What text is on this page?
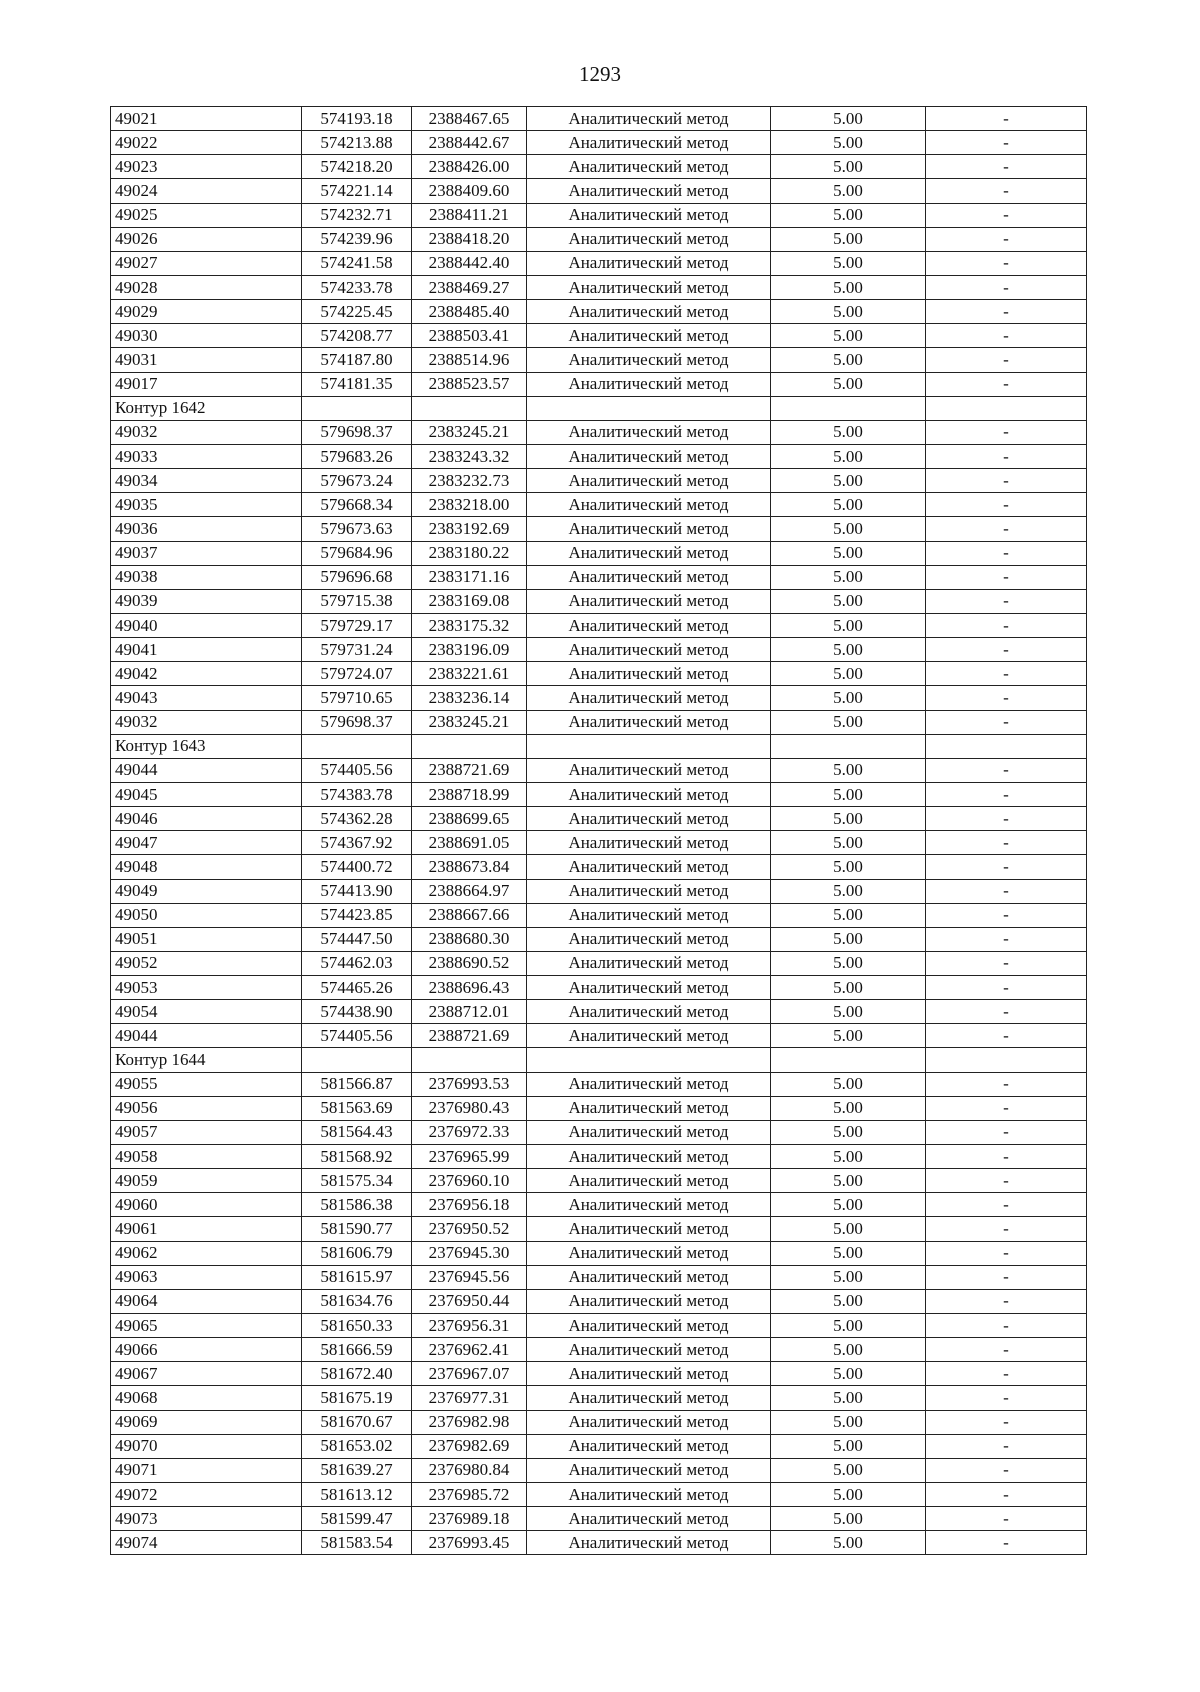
1293
49021	574193.18	2388467.65	Аналитический метод	5.00	-
49022	574213.88	2388442.67	Аналитический метод	5.00	-
49023	574218.20	2388426.00	Аналитический метод	5.00	-
49024	574221.14	2388409.60	Аналитический метод	5.00	-
49025	574232.71	2388411.21	Аналитический метод	5.00	-
49026	574239.96	2388418.20	Аналитический метод	5.00	-
49027	574241.58	2388442.40	Аналитический метод	5.00	-
49028	574233.78	2388469.27	Аналитический метод	5.00	-
49029	574225.45	2388485.40	Аналитический метод	5.00	-
49030	574208.77	2388503.41	Аналитический метод	5.00	-
49031	574187.80	2388514.96	Аналитический метод	5.00	-
49017	574181.35	2388523.57	Аналитический метод	5.00	-
Контур 1642					
49032	579698.37	2383245.21	Аналитический метод	5.00	-
49033	579683.26	2383243.32	Аналитический метод	5.00	-
49034	579673.24	2383232.73	Аналитический метод	5.00	-
49035	579668.34	2383218.00	Аналитический метод	5.00	-
49036	579673.63	2383192.69	Аналитический метод	5.00	-
49037	579684.96	2383180.22	Аналитический метод	5.00	-
49038	579696.68	2383171.16	Аналитический метод	5.00	-
49039	579715.38	2383169.08	Аналитический метод	5.00	-
49040	579729.17	2383175.32	Аналитический метод	5.00	-
49041	579731.24	2383196.09	Аналитический метод	5.00	-
49042	579724.07	2383221.61	Аналитический метод	5.00	-
49043	579710.65	2383236.14	Аналитический метод	5.00	-
49032	579698.37	2383245.21	Аналитический метод	5.00	-
Контур 1643					
49044	574405.56	2388721.69	Аналитический метод	5.00	-
49045	574383.78	2388718.99	Аналитический метод	5.00	-
49046	574362.28	2388699.65	Аналитический метод	5.00	-
49047	574367.92	2388691.05	Аналитический метод	5.00	-
49048	574400.72	2388673.84	Аналитический метод	5.00	-
49049	574413.90	2388664.97	Аналитический метод	5.00	-
49050	574423.85	2388667.66	Аналитический метод	5.00	-
49051	574447.50	2388680.30	Аналитический метод	5.00	-
49052	574462.03	2388690.52	Аналитический метод	5.00	-
49053	574465.26	2388696.43	Аналитический метод	5.00	-
49054	574438.90	2388712.01	Аналитический метод	5.00	-
49044	574405.56	2388721.69	Аналитический метод	5.00	-
Контур 1644					
49055	581566.87	2376993.53	Аналитический метод	5.00	-
49056	581563.69	2376980.43	Аналитический метод	5.00	-
49057	581564.43	2376972.33	Аналитический метод	5.00	-
49058	581568.92	2376965.99	Аналитический метод	5.00	-
49059	581575.34	2376960.10	Аналитический метод	5.00	-
49060	581586.38	2376956.18	Аналитический метод	5.00	-
49061	581590.77	2376950.52	Аналитический метод	5.00	-
49062	581606.79	2376945.30	Аналитический метод	5.00	-
49063	581615.97	2376945.56	Аналитический метод	5.00	-
49064	581634.76	2376950.44	Аналитический метод	5.00	-
49065	581650.33	2376956.31	Аналитический метод	5.00	-
49066	581666.59	2376962.41	Аналитический метод	5.00	-
49067	581672.40	2376967.07	Аналитический метод	5.00	-
49068	581675.19	2376977.31	Аналитический метод	5.00	-
49069	581670.67	2376982.98	Аналитический метод	5.00	-
49070	581653.02	2376982.69	Аналитический метод	5.00	-
49071	581639.27	2376980.84	Аналитический метод	5.00	-
49072	581613.12	2376985.72	Аналитический метод	5.00	-
49073	581599.47	2376989.18	Аналитический метод	5.00	-
49074	581583.54	2376993.45	Аналитический метод	5.00	-
